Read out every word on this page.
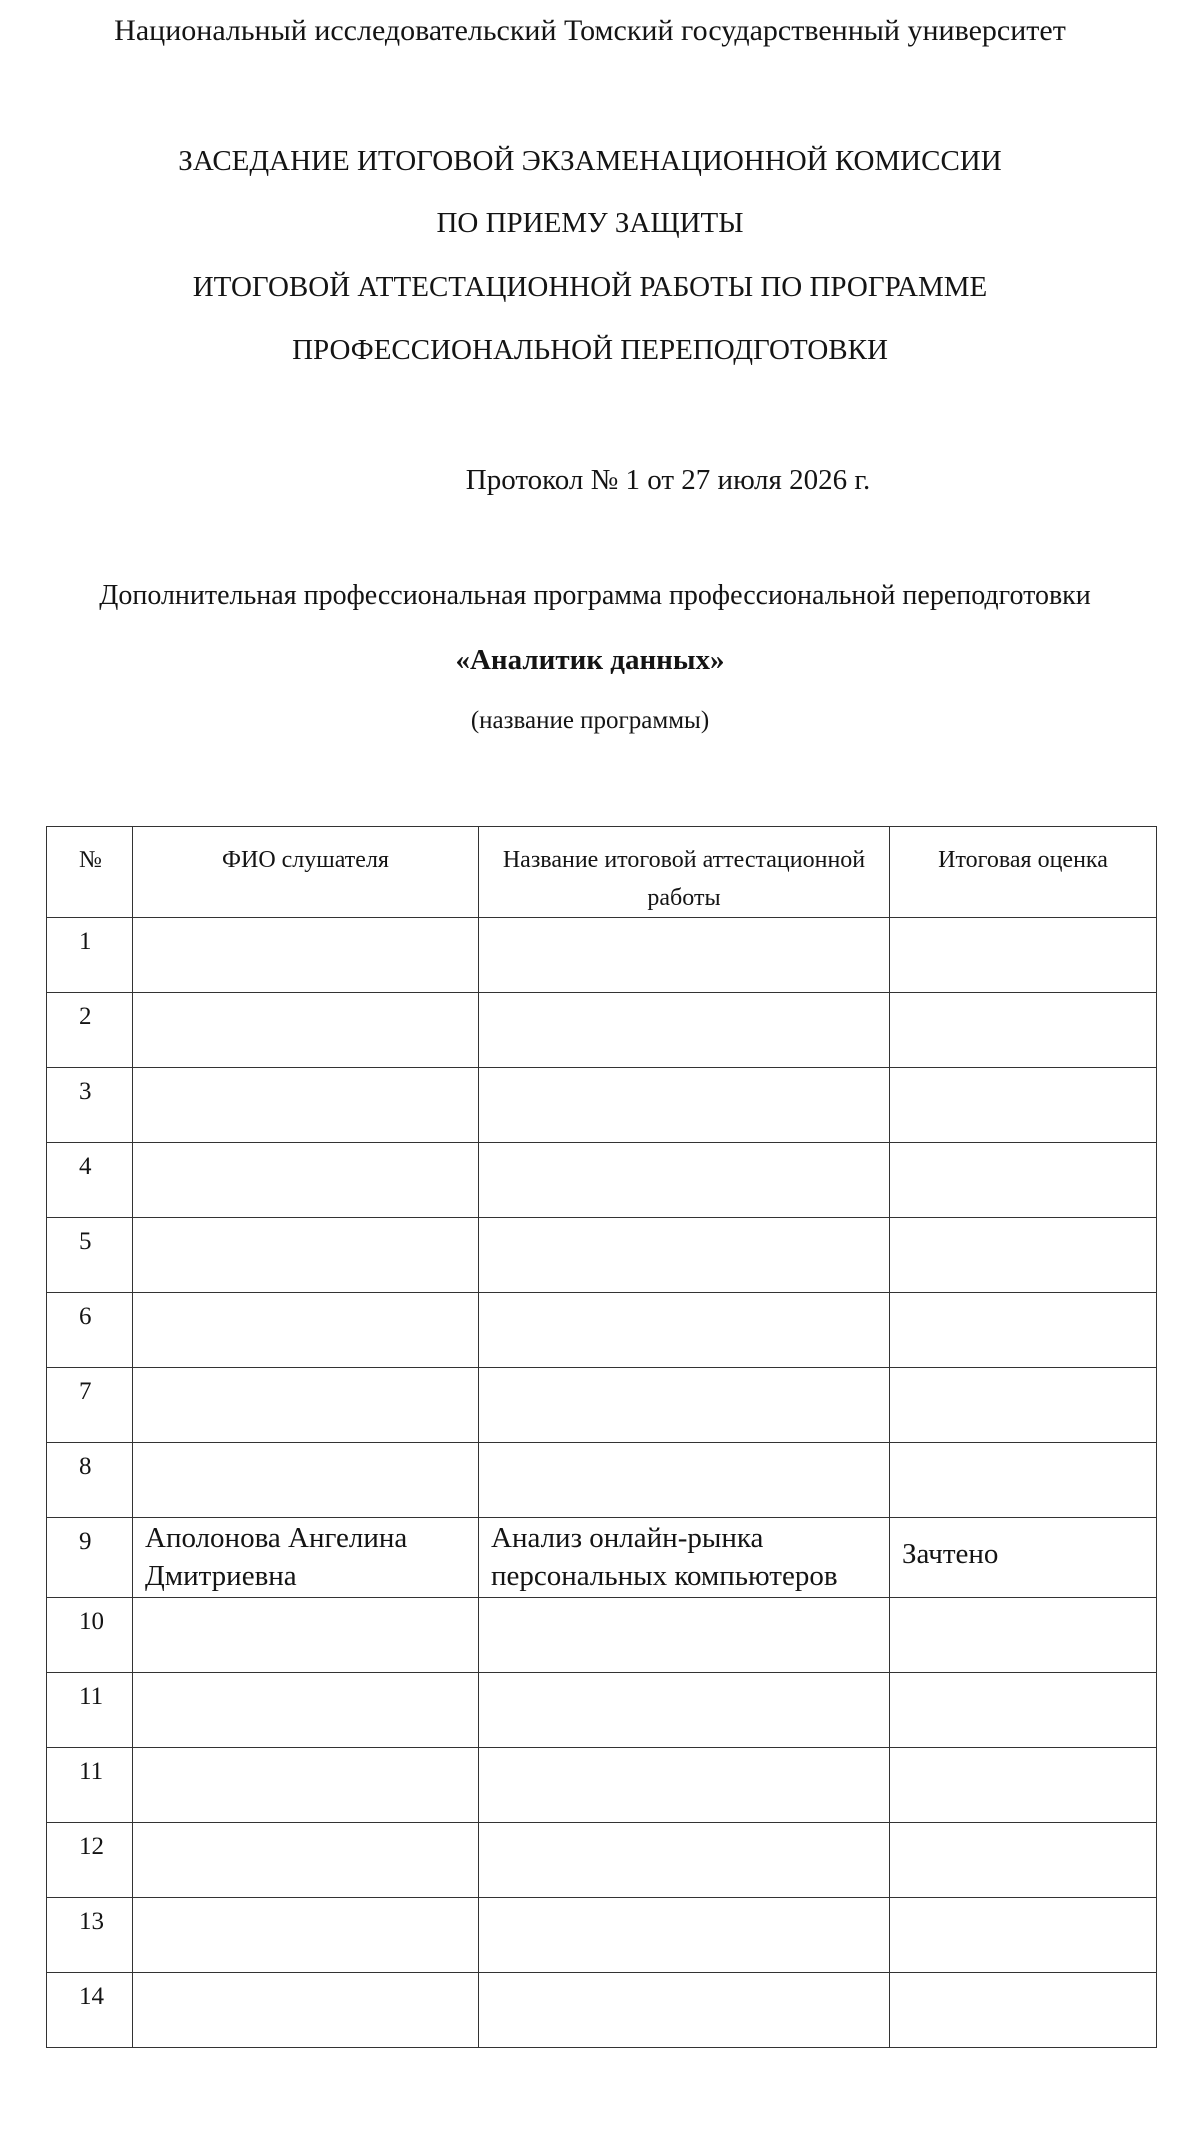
Национальный исследовательский Томский государственный университет
ЗАСЕДАНИЕ ИТОГОВОЙ ЭКЗАМЕНАЦИОННОЙ КОМИССИИ
ПО ПРИЕМУ ЗАЩИТЫ
ИТОГОВОЙ АТТЕСТАЦИОННОЙ РАБОТЫ ПО ПРОГРАММЕ
ПРОФЕССИОНАЛЬНОЙ ПЕРЕПОДГОТОВКИ
Протокол № 1 от 27 июля 2026 г.
Дополнительная профессиональная программа профессиональной переподготовки
«Аналитик данных»
(название программы)
№	ФИО слушателя	Название итоговой аттестационной работы	Итоговая оценка
1			
2			
3			
4			
5			
6			
7			
8			
9	Аполонова Ангелина Дмитриевна	Анализ онлайн-рынка персональных компьютеров	Зачтено
10			
11			
11			
12			
13			
14			
